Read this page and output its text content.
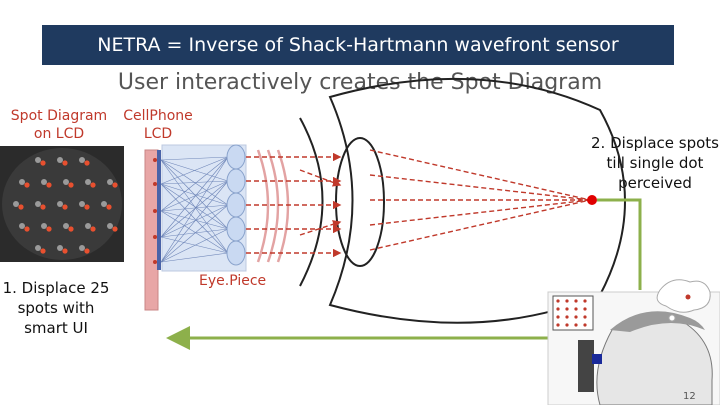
NETRA = Inverse of Shack-Hartmann wavefront sensor
User interactively creates the Spot Diagram
Spot Diagram
on LCD
CellPhone
LCD
Eye.Piece
1. Displace 25 spots with smart UI
2. Displace spots till single dot perceived
12
